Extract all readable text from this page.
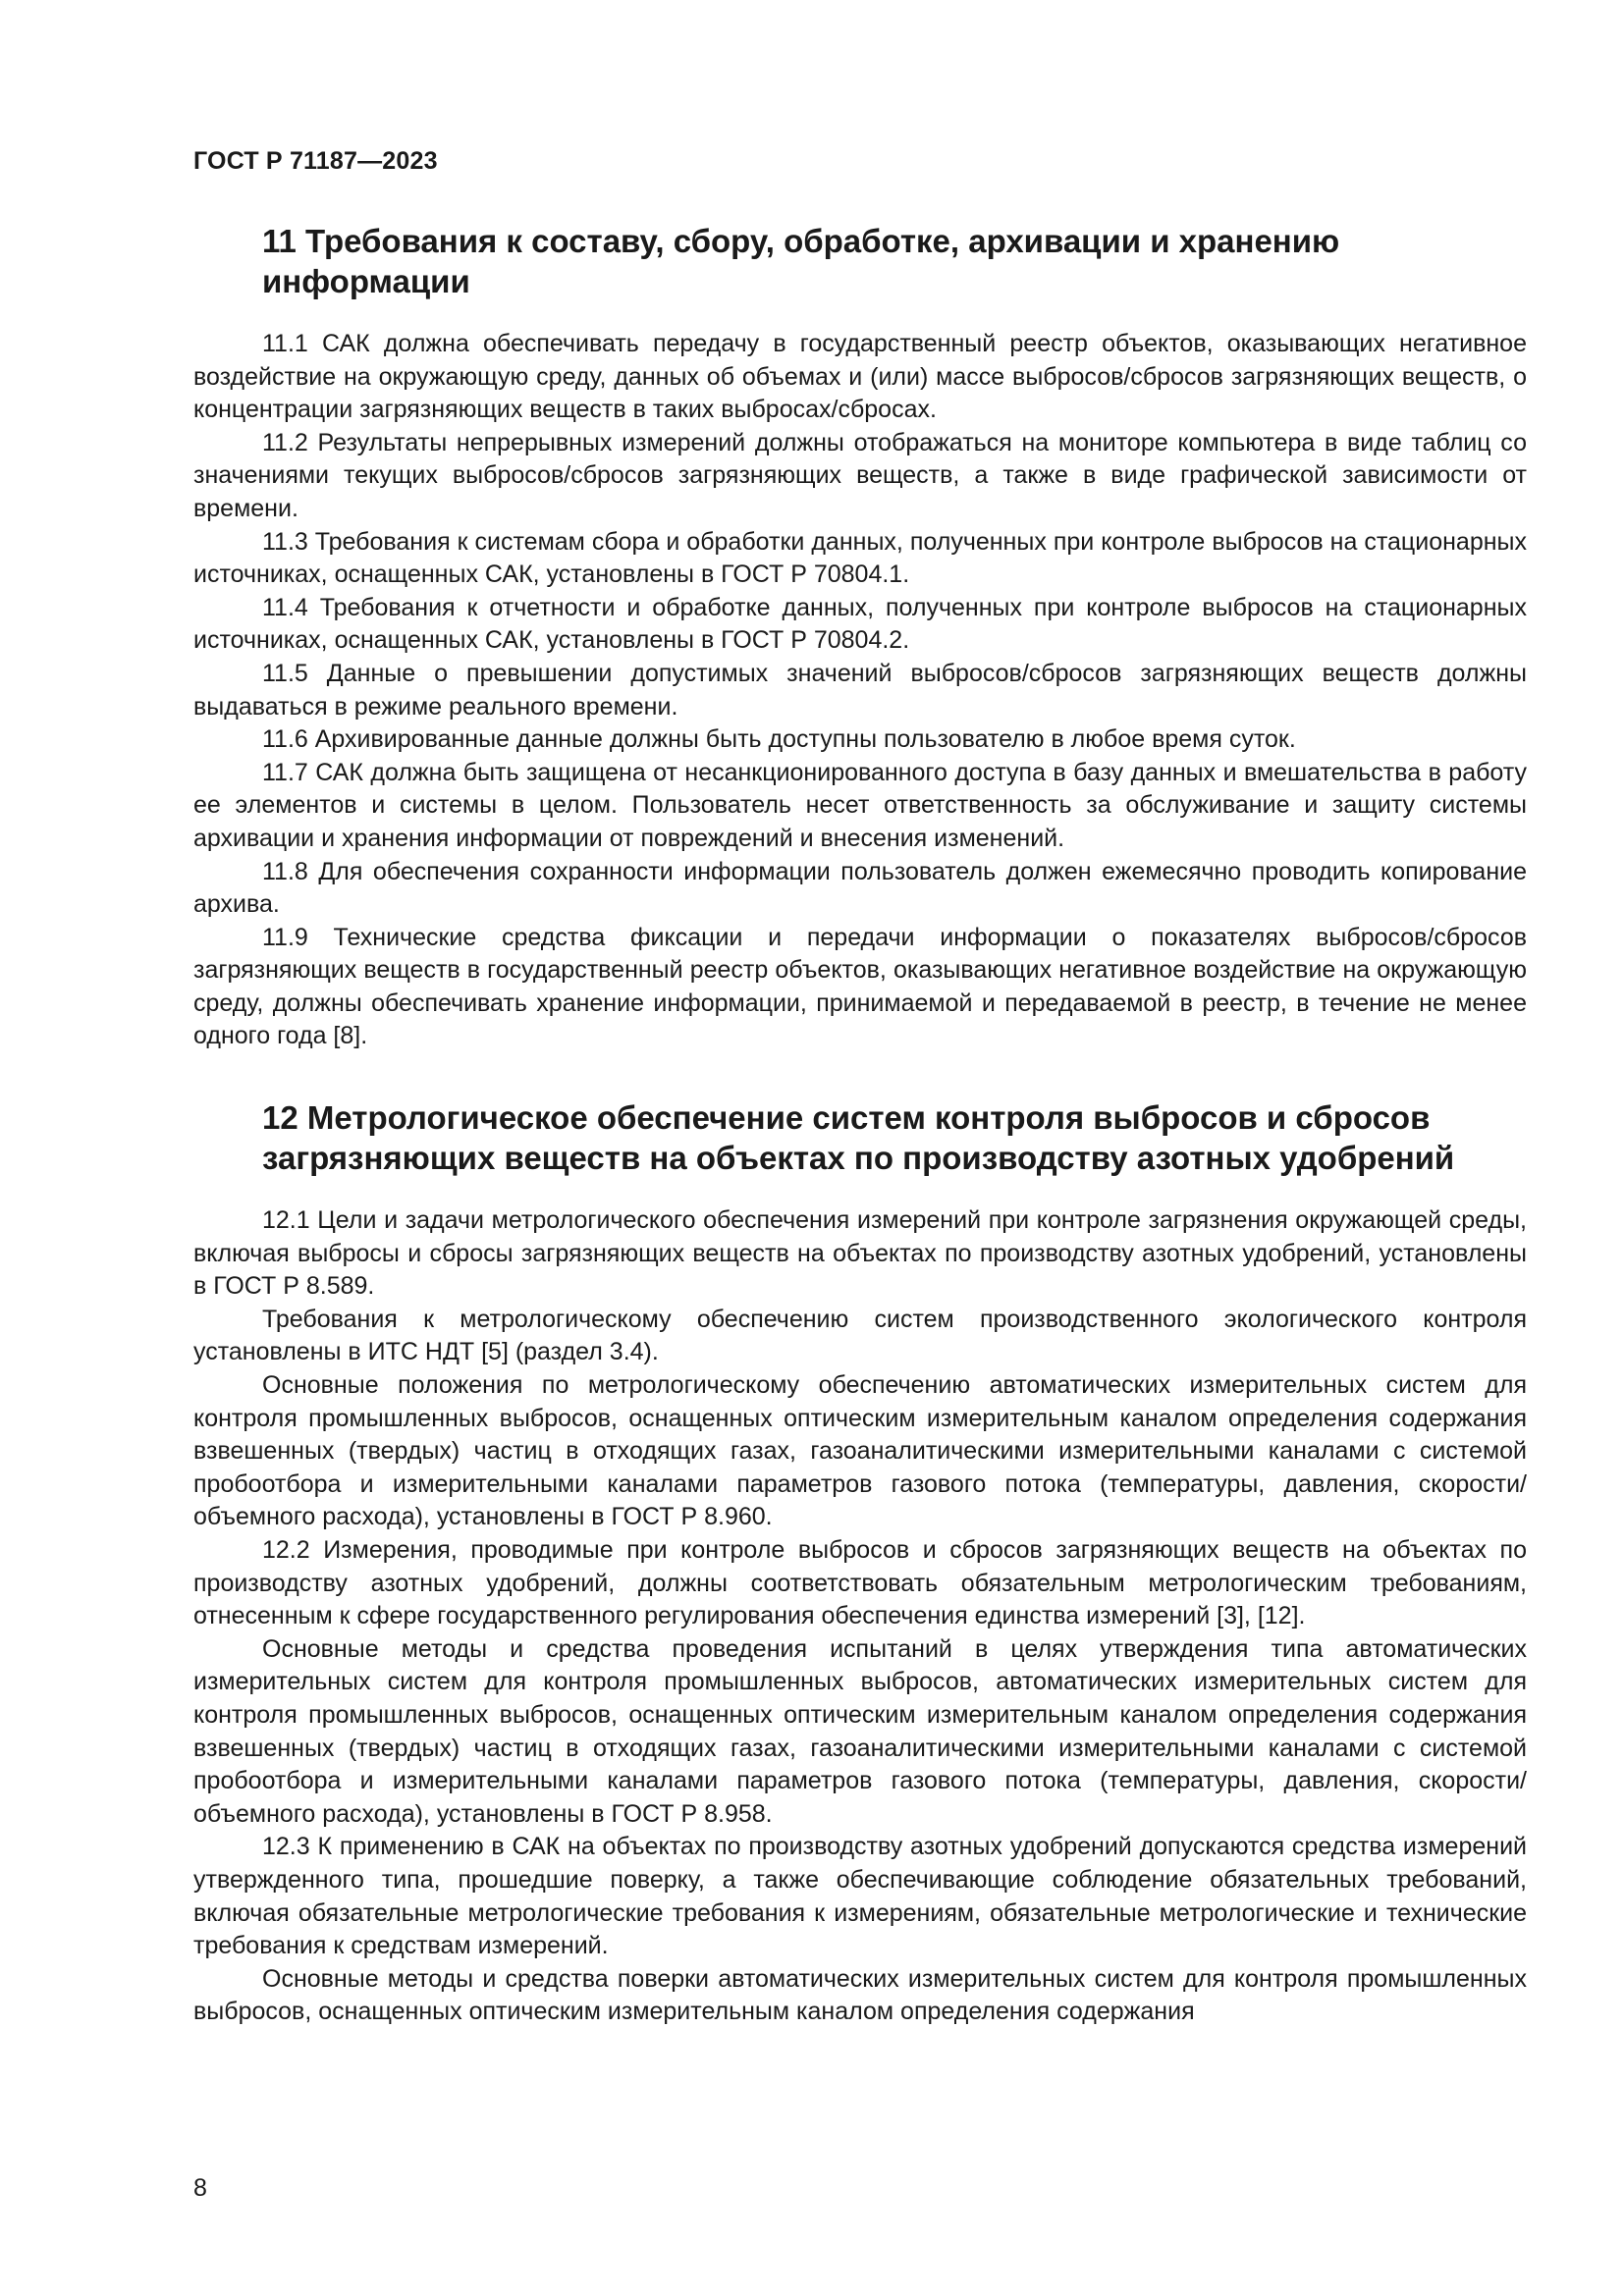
ГОСТ Р 71187—2023
11 Требования к составу, сбору, обработке, архивации и хранению информации

11.1 САК должна обеспечивать передачу в государственный реестр объектов, оказывающих негативное воздействие на окружающую среду, данных об объемах и (или) массе выбросов/сбросов загрязняющих веществ, о концентрации загрязняющих веществ в таких выбросах/сбросах.

11.2 Результаты непрерывных измерений должны отображаться на мониторе компьютера в виде таблиц со значениями текущих выбросов/сбросов загрязняющих веществ, а также в виде графической зависимости от времени.

11.3 Требования к системам сбора и обработки данных, полученных при контроле выбросов на стационарных источниках, оснащенных САК, установлены в ГОСТ Р 70804.1.

11.4 Требования к отчетности и обработке данных, полученных при контроле выбросов на стационарных источниках, оснащенных САК, установлены в ГОСТ Р 70804.2.

11.5 Данные о превышении допустимых значений выбросов/сбросов загрязняющих веществ должны выдаваться в режиме реального времени.

11.6 Архивированные данные должны быть доступны пользователю в любое время суток.

11.7 САК должна быть защищена от несанкционированного доступа в базу данных и вмешательства в работу ее элементов и системы в целом. Пользователь несет ответственность за обслуживание и защиту системы архивации и хранения информации от повреждений и внесения изменений.

11.8 Для обеспечения сохранности информации пользователь должен ежемесячно проводить копирование архива.

11.9 Технические средства фиксации и передачи информации о показателях выбросов/сбросов загрязняющих веществ в государственный реестр объектов, оказывающих негативное воздействие на окружающую среду, должны обеспечивать хранение информации, принимаемой и передаваемой в реестр, в течение не менее одного года [8].

12 Метрологическое обеспечение систем контроля выбросов и сбросов загрязняющих веществ на объектах по производству азотных удобрений

12.1 Цели и задачи метрологического обеспечения измерений при контроле загрязнения окружающей среды, включая выбросы и сбросы загрязняющих веществ на объектах по производству азотных удобрений, установлены в ГОСТ Р 8.589.

Требования к метрологическому обеспечению систем производственного экологического контроля установлены в ИТС НДТ [5] (раздел 3.4).

Основные положения по метрологическому обеспечению автоматических измерительных систем для контроля промышленных выбросов, оснащенных оптическим измерительным каналом определения содержания взвешенных (твердых) частиц в отходящих газах, газоаналитическими измерительными каналами с системой пробоотбора и измерительными каналами параметров газового потока (температуры, давления, скорости/объемного расхода), установлены в ГОСТ Р 8.960.

12.2 Измерения, проводимые при контроле выбросов и сбросов загрязняющих веществ на объектах по производству азотных удобрений, должны соответствовать обязательным метрологическим требованиям, отнесенным к сфере государственного регулирования обеспечения единства измерений [3], [12].

Основные методы и средства проведения испытаний в целях утверждения типа автоматических измерительных систем для контроля промышленных выбросов, автоматических измерительных систем для контроля промышленных выбросов, оснащенных оптическим измерительным каналом определения содержания взвешенных (твердых) частиц в отходящих газах, газоаналитическими измерительными каналами с системой пробоотбора и измерительными каналами параметров газового потока (температуры, давления, скорости/объемного расхода), установлены в ГОСТ Р 8.958.

12.3 К применению в САК на объектах по производству азотных удобрений допускаются средства измерений утвержденного типа, прошедшие поверку, а также обеспечивающие соблюдение обязательных требований, включая обязательные метрологические требования к измерениям, обязательные метрологические и технические требования к средствам измерений.

Основные методы и средства поверки автоматических измерительных систем для контроля промышленных выбросов, оснащенных оптическим измерительным каналом определения содержания

8
